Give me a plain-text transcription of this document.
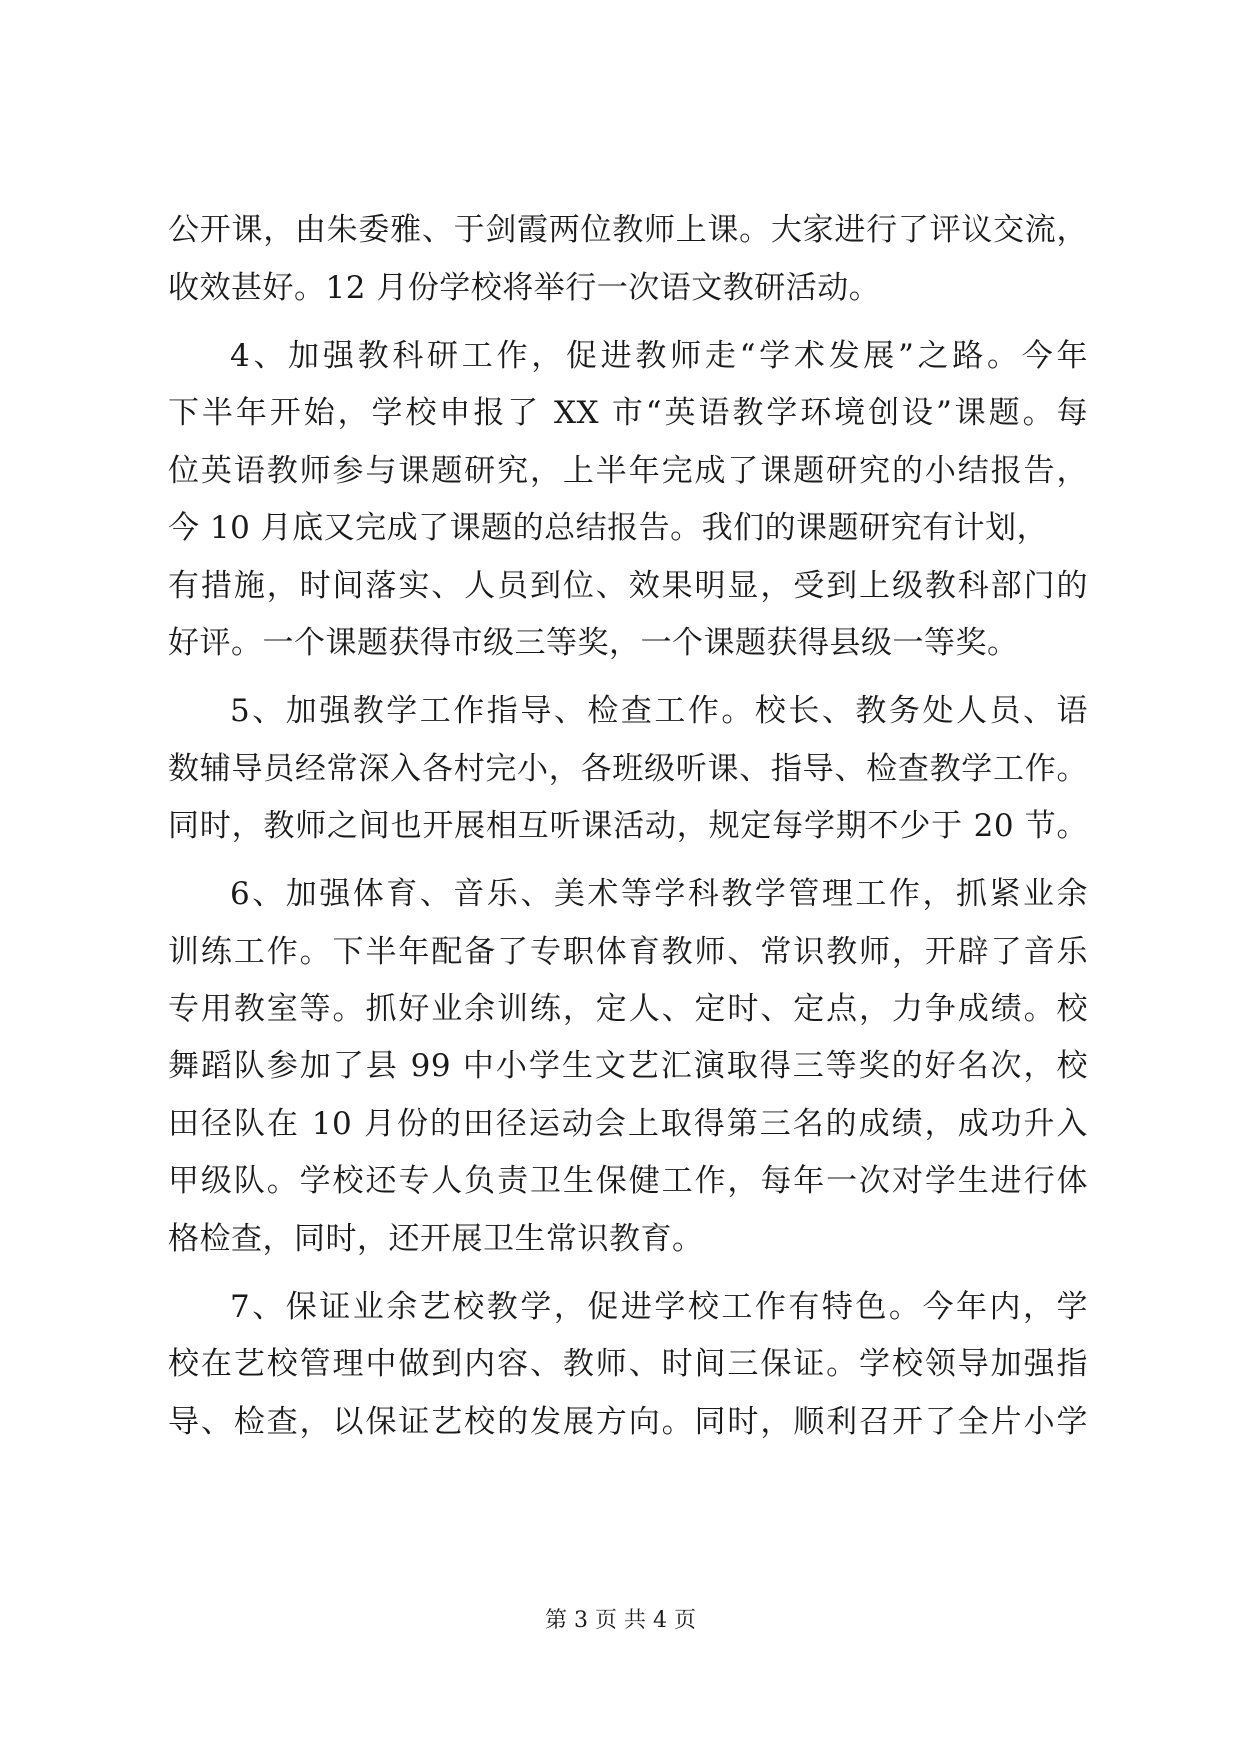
公开课，由朱委雅、于剑霞两位教师上课。大家进行了评议交流，
收效甚好。12 月份学校将举行一次语文教研活动。
4、加强教科研工作，促进教师走“学术发展”之路。今年
下半年开始，学校申报了 XX 市“英语教学环境创设”课题。每
位英语教师参与课题研究，上半年完成了课题研究的小结报告，
今 10 月底又完成了课题的总结报告。我们的课题研究有计划，
有措施，时间落实、人员到位、效果明显，受到上级教科部门的
好评。一个课题获得市级三等奖，一个课题获得县级一等奖。
5、加强教学工作指导、检查工作。校长、教务处人员、语
数辅导员经常深入各村完小，各班级听课、指导、检查教学工作。
同时，教师之间也开展相互听课活动，规定每学期不少于 20 节。
6、加强体育、音乐、美术等学科教学管理工作，抓紧业余
训练工作。下半年配备了专职体育教师、常识教师，开辟了音乐
专用教室等。抓好业余训练，定人、定时、定点，力争成绩。校
舞蹈队参加了县 99 中小学生文艺汇演取得三等奖的好名次，校
田径队在 10 月份的田径运动会上取得第三名的成绩，成功升入
甲级队。学校还专人负责卫生保健工作，每年一次对学生进行体
格检查，同时，还开展卫生常识教育。
7、保证业余艺校教学，促进学校工作有特色。今年内，学
校在艺校管理中做到内容、教师、时间三保证。学校领导加强指
导、检查，以保证艺校的发展方向。同时，顺利召开了全片小学
第 3 页 共 4 页
